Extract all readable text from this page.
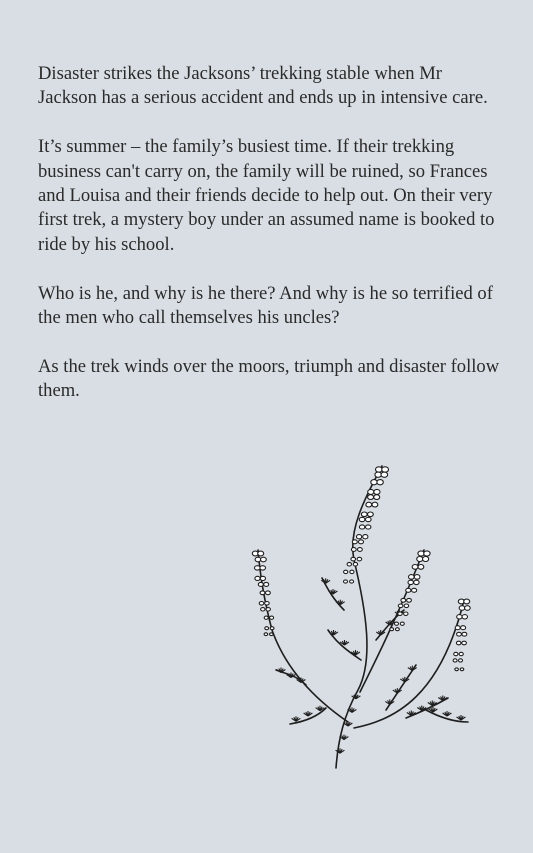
Disaster strikes the Jacksons’ trekking stable when Mr Jackson has a serious accident and ends up in intensive care.

It’s summer – the family’s busiest time. If their trekking business can't carry on, the family will be ruined, so Frances and Louisa and their friends decide to help out. On their very first trek, a mystery boy under an assumed name is booked to ride by his school.

Who is he, and why is he there? And why is he so terrified of the men who call themselves his uncles?

As the trek winds over the moors, triumph and disaster follow them.
